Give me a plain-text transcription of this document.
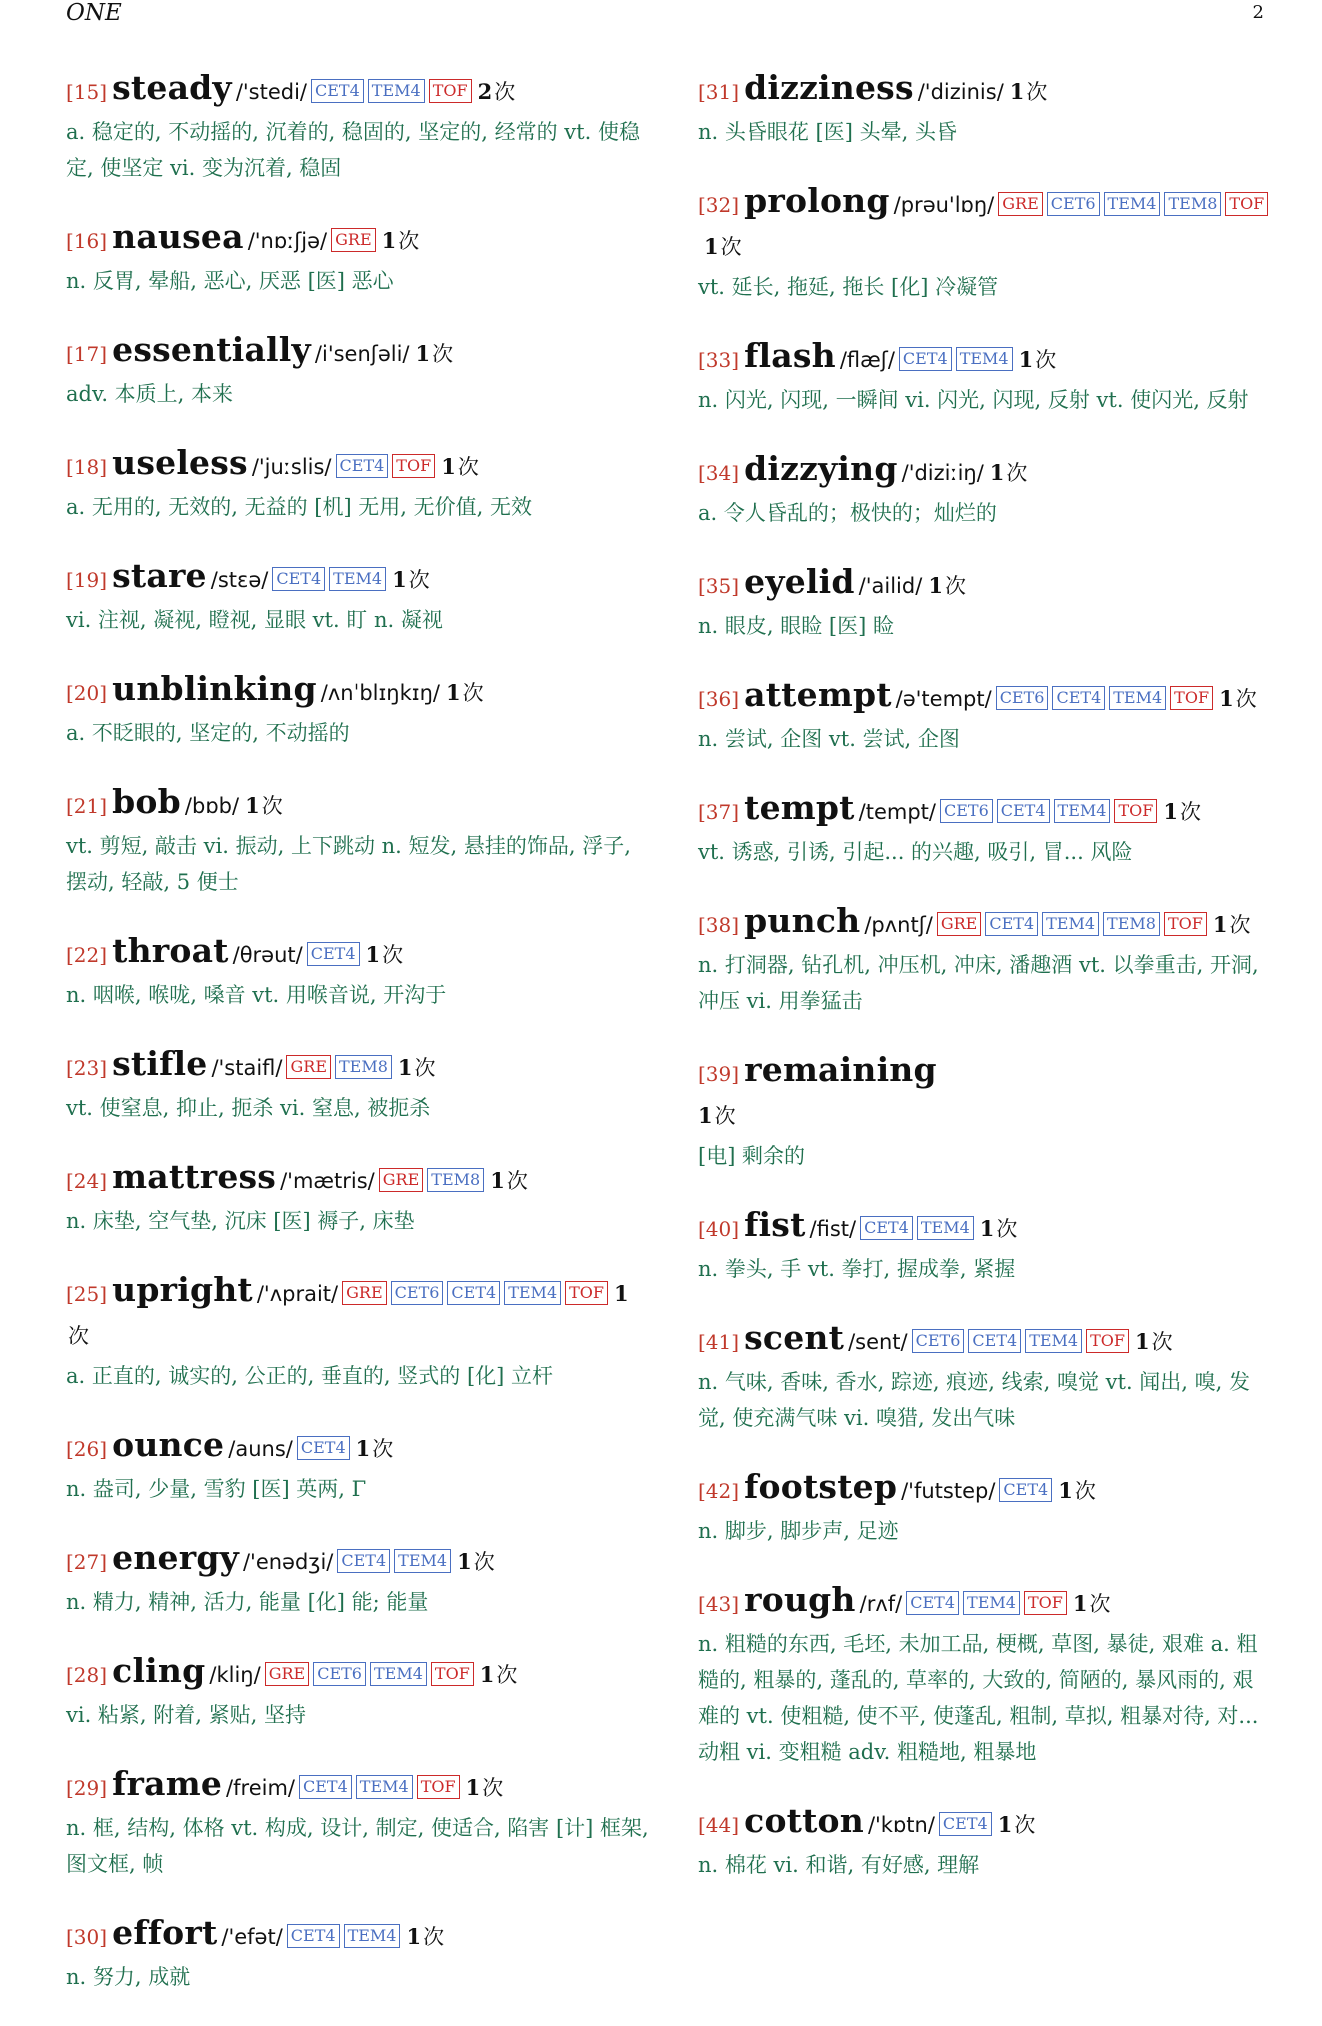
ONE	2
[15] steady /'stedi/ CET4 TEM4 TOF 2次
a. 稳定的, 不动摇的, 沉着的, 稳固的, 坚定的, 经常的 vt. 使稳定, 使坚定 vi. 变为沉着, 稳固
[16] nausea /'nɒːʃjə/ GRE 1次
n. 反胃, 晕船, 恶心, 厌恶 [医] 恶心
[17] essentially /i'senʃəli/ 1次
adv. 本质上, 本来
[18] useless /'juːslis/ CET4 TOF 1次
a. 无用的, 无效的, 无益的 [机] 无用, 无价值, 无效
[19] stare /stɛə/ CET4 TEM4 1次
vi. 注视, 凝视, 瞪视, 显眼 vt. 盯 n. 凝视
[20] unblinking /ʌnˈblɪŋkɪŋ/ 1次
a. 不眨眼的, 坚定的, 不动摇的
[21] bob /bɒb/ 1次
vt. 剪短, 敲击 vi. 振动, 上下跳动 n. 短发, 悬挂的饰品, 浮子, 摆动, 轻敲, 5 便士
[22] throat /θrəut/ CET4 1次
n. 咽喉, 喉咙, 嗓音 vt. 用喉音说, 开沟于
[23] stifle /'staifl/ GRE TEM8 1次
vt. 使窒息, 抑止, 扼杀 vi. 窒息, 被扼杀
[24] mattress /'mætris/ GRE TEM8 1次
n. 床垫, 空气垫, 沉床 [医] 褥子, 床垫
[25] upright /'ʌprait/ GRE CET6 CET4 TEM4 TOF 1次
a. 正直的, 诚实的, 公正的, 垂直的, 竖式的 [化] 立杆
[26] ounce /auns/ CET4 1次
n. 盎司, 少量, 雪豹 [医] 英两, Γ
[27] energy /'enədʒi/ CET4 TEM4 1次
n. 精力, 精神, 活力, 能量 [化] 能; 能量
[28] cling /kliŋ/ GRE CET6 TEM4 TOF 1次
vi. 粘紧, 附着, 紧贴, 坚持
[29] frame /freim/ CET4 TEM4 TOF 1次
n. 框, 结构, 体格 vt. 构成, 设计, 制定, 使适合, 陷害 [计] 框架, 图文框, 帧
[30] effort /'efət/ CET4 TEM4 1次
n. 努力, 成就
[31] dizziness /'dizinis/ 1次
n. 头昏眼花 [医] 头晕, 头昏
[32] prolong /prəu'lɒŋ/ GRE CET6 TEM4 TEM8 TOF1次
vt. 延长, 拖延, 拖长 [化] 冷凝管
[33] flash /flæʃ/ CET4 TEM4 1次
n. 闪光, 闪现, 一瞬间 vi. 闪光, 闪现, 反射 vt. 使闪光, 反射
[34] dizzying /'diziːiŋ/ 1次
a. 令人昏乱的；极快的；灿烂的
[35] eyelid /'ailid/ 1次
n. 眼皮, 眼睑 [医] 睑
[36] attempt /ə'tempt/ CET6 CET4 TEM4 TOF 1次
n. 尝试, 企图 vt. 尝试, 企图
[37] tempt /tempt/ CET6 CET4 TEM4 TOF 1次
vt. 诱惑, 引诱, 引起... 的兴趣, 吸引, 冒... 风险
[38] punch /pʌntʃ/ GRE CET4 TEM4 TEM8 TOF 1次
n. 打洞器, 钻孔机, 冲压机, 冲床, 潘趣酒 vt. 以拳重击, 开洞, 冲压 vi. 用拳猛击
[39] remaining
1次
[电] 剩余的
[40] fist /fist/ CET4 TEM4 1次
n. 拳头, 手 vt. 拳打, 握成拳, 紧握
[41] scent /sent/ CET6 CET4 TEM4 TOF 1次
n. 气味, 香味, 香水, 踪迹, 痕迹, 线索, 嗅觉 vt. 闻出, 嗅, 发觉, 使充满气味 vi. 嗅猎, 发出气味
[42] footstep /'futstep/ CET4 1次
n. 脚步, 脚步声, 足迹
[43] rough /rʌf/ CET4 TEM4 TOF 1次
n. 粗糙的东西, 毛坯, 未加工品, 梗概, 草图, 暴徒, 艰难 a. 粗糙的, 粗暴的, 蓬乱的, 草率的, 大致的, 简陋的, 暴风雨的, 艰难的 vt. 使粗糙, 使不平, 使蓬乱, 粗制, 草拟, 粗暴对待, 对... 动粗 vi. 变粗糙 adv. 粗糙地, 粗暴地
[44] cotton /'kɒtn/ CET4 1次
n. 棉花 vi. 和谐, 有好感, 理解
